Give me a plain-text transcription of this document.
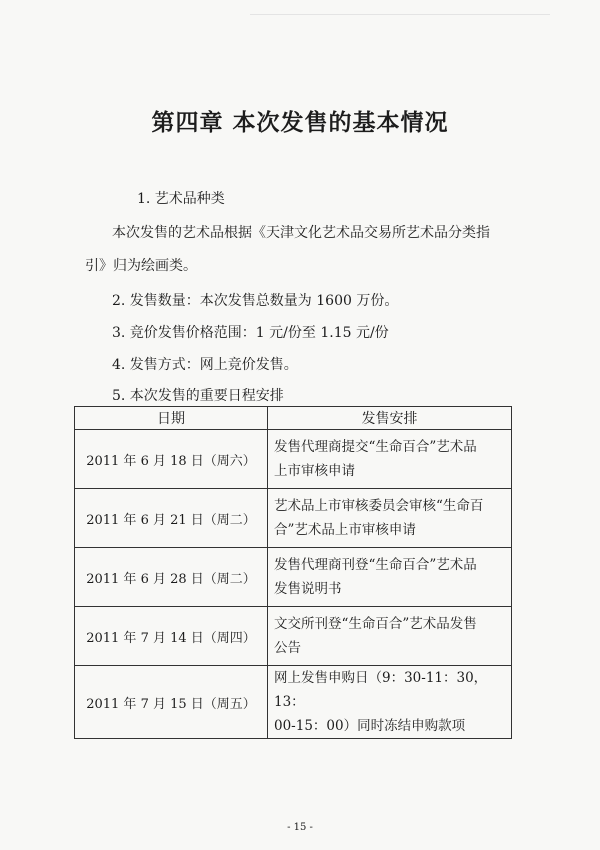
第四章 本次发售的基本情况
1. 艺术品种类
本次发售的艺术品根据《天津文化艺术品交易所艺术品分类指
引》归为绘画类。
2. 发售数量：本次发售总数量为 1600 万份。
3. 竞价发售价格范围：1 元/份至 1.15 元/份
4. 发售方式：网上竞价发售。
5. 本次发售的重要日程安排
日期	发售安排
2011 年 6 月 18 日（周六）	发售代理商提交“生命百合”艺术品
上市审核申请

2011 年 6 月 21 日（周二）	艺术品上市审核委员会审核“生命百
合”艺术品上市审核申请

2011 年 6 月 28 日（周二）	发售代理商刊登“生命百合”艺术品
发售说明书

2011 年 7 月 14 日（周四）	文交所刊登“生命百合”艺术品发售
公告

2011 年 7 月 15 日（周五）	网上发售申购日（9：30-11：30，13：
00-15：00）同时冻结申购款项
- 15 -
